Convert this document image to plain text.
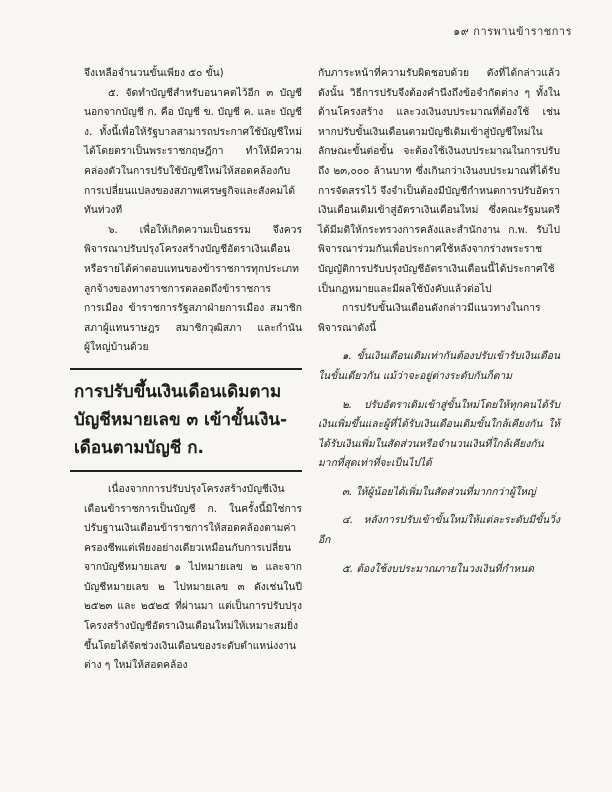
๑๙ การพานข้าราชการ

จึงเหลือจำนวนขั้นเพียง ๕๐ ขั้น)

๕. จัดทำบัญชีสำหรับอนาคตไว้อีก ๓ บัญชี นอกจากบัญชี ก. คือ บัญชี ข. บัญชี ค. และ บัญชี ง. ทั้งนี้เพื่อให้รัฐบาลสามารถประกาศใช้บัญชีใหม่ได้โดยตราเป็นพระราชกฤษฎีกา ทำให้มีความคล่องตัวในการปรับใช้บัญชีใหม่ให้สอดคล้องกับการเปลี่ยนแปลงของสภาพเศรษฐกิจและสังคมได้ทันท่วงที

๖. เพื่อให้เกิดความเป็นธรรม จึงควรพิจารณาปรับปรุงโครงสร้างบัญชีอัตราเงินเดือนหรือรายได้ค่าตอบแทนของข้าราชการทุกประเภท ลูกจ้างของทางราชการตลอดถึงข้าราชการการเมือง ข้าราชการรัฐสภาฝ่ายการเมือง สมาชิกสภาผู้แทนราษฎร สมาชิกวุฒิสภา และกำนันผู้ใหญ่บ้านด้วย

การปรับขึ้นเงินเดือนเดิมตาม
บัญชีหมายเลข ๓ เข้าขั้นเงิน-
เดือนตามบัญชี ก.

เนื่องจากการปรับปรุงโครงสร้างบัญชีเงินเดือนข้าราชการเป็นบัญชี ก. ในครั้งนี้มิใช่การปรับฐานเงินเดือนข้าราชการให้สอดคล้องตามค่าครองชีพแต่เพียงอย่างเดียวเหมือนกับการเปลี่ยนจากบัญชีหมายเลข ๑ ไปหมายเลข ๒ และจากบัญชีหมายเลข ๒ ไปหมายเลข ๓ ดังเช่นในปี ๒๕๒๓ และ ๒๕๒๕ ที่ผ่านมา แต่เป็นการปรับปรุงโครงสร้างบัญชีอัตราเงินเดือนใหม่ให้เหมาะสมยิ่งขึ้นโดยได้จัดช่วงเงินเดือนของระดับตำแหน่งงานต่าง ๆ ใหม่ให้สอดคล้อง

กับภาระหน้าที่ความรับผิดชอบด้วย ดังที่ได้กล่าวแล้ว ดังนั้น วิธีการปรับจึงต้องคำนึงถึงข้อจำกัดต่าง ๆ ทั้งในด้านโครงสร้าง และวงเงินงบประมาณที่ต้องใช้ เช่น หากปรับขั้นเงินเดือนตามบัญชีเดิมเข้าสู่บัญชีใหม่ในลักษณะขั้นต่อขั้น จะต้องใช้เงินงบประมาณในการปรับถึง ๒๓,๐๐๐ ล้านบาท ซึ่งเกินกว่าเงินงบประมาณที่ได้รับการจัดสรรไว้ จึงจำเป็นต้องมีบัญชีกำหนดการปรับอัตราเงินเดือนเดิมเข้าสู่อัตราเงินเดือนใหม่ ซึ่งคณะรัฐมนตรีได้มีมติให้กระทรวงการคลังและสำนักงาน ก.พ. รับไปพิจารณาร่วมกันเพื่อประกาศใช้หลังจากร่างพระราชบัญญัติการปรับปรุงบัญชีอัตราเงินเดือนนี้ได้ประกาศใช้เป็นกฎหมายและมีผลใช้บังคับแล้วต่อไป

การปรับขั้นเงินเดือนดังกล่าวมีแนวทางในการพิจารณาดังนี้

๑. ขั้นเงินเดือนเดิมเท่ากันต้องปรับเข้ารับเงินเดือนในขั้นเดียวกัน แม้ว่าจะอยู่ต่างระดับกันก็ตาม

๒. ปรับอัตราเดิมเข้าสู่ขั้นใหม่โดยให้ทุกคนได้รับเงินเพิ่มขึ้นและผู้ที่ได้รับเงินเดือนเดิมขั้นใกล้เคียงกัน ให้ได้รับเงินเพิ่มในสัดส่วนหรือจำนวนเงินที่ใกล้เคียงกันมากที่สุดเท่าที่จะเป็นไปได้

๓. ให้ผู้น้อยได้เพิ่มในสัดส่วนที่มากกว่าผู้ใหญ่

๔. หลังการปรับเข้าขั้นใหม่ให้แต่ละระดับมีขั้นวิ่งอีก

๕. ต้องใช้งบประมาณภายในวงเงินที่กำหนด
